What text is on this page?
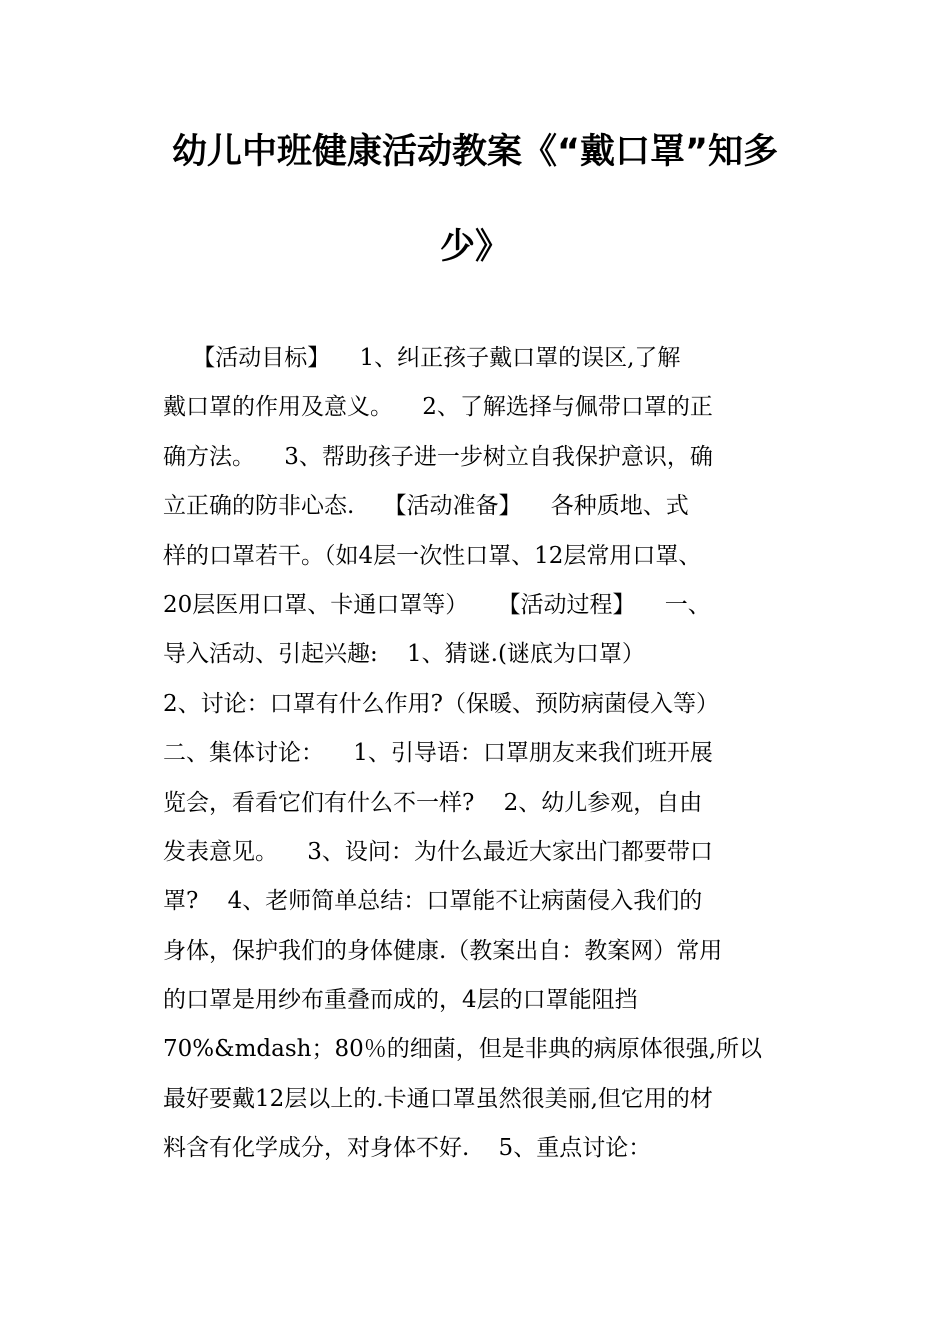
幼儿中班健康活动教案《“戴口罩”知多
少》
【活动目标】    1、纠正孩子戴口罩的误区,了解
戴口罩的作用及意义。    2、了解选择与佩带口罩的正
确方法。    3、帮助孩子进一步树立自我保护意识，确
立正确的防非心态.    【活动准备】    各种质地、式
样的口罩若干。（如4层一次性口罩、12层常用口罩、
20层医用口罩、卡通口罩等）    【活动过程】    一、
导入活动、引起兴趣:    1、猜谜.(谜底为口罩）
2、讨论：口罩有什么作用?（保暖、预防病菌侵入等）
二、集体讨论：    1、引导语：口罩朋友来我们班开展
览会，看看它们有什么不一样?    2、幼儿参观，自由
发表意见。    3、设问：为什么最近大家出门都要带口
罩?    4、老师简单总结：口罩能不让病菌侵入我们的
身体，保护我们的身体健康.（教案出自：教案网）常用
的口罩是用纱布重叠而成的，4层的口罩能阻挡
70%&mdash；80％的细菌，但是非典的病原体很强,所以
最好要戴12层以上的.卡通口罩虽然很美丽,但它用的材
料含有化学成分，对身体不好.    5、重点讨论：
